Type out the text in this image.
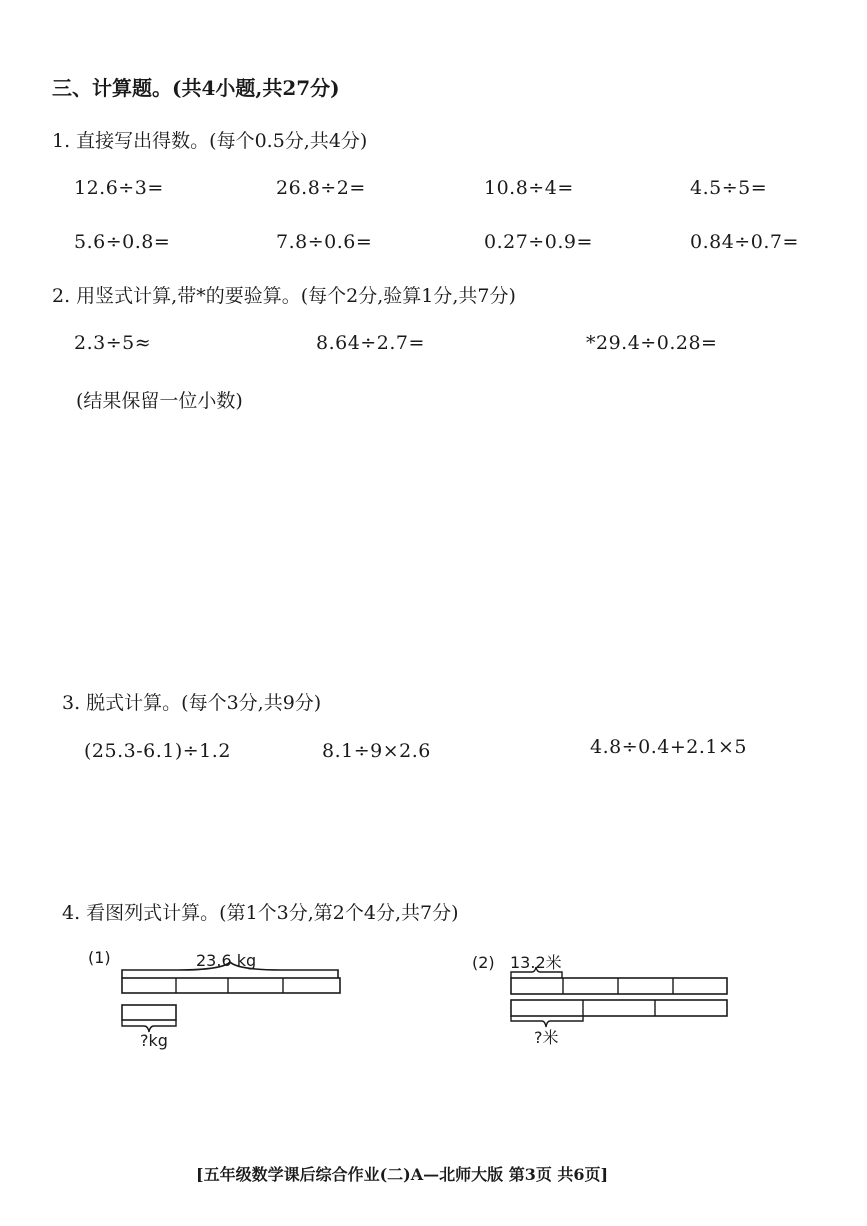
三、计算题。(共4小题,共27分)
1. 直接写出得数。(每个0.5分,共4分)
12.6÷3=	26.8÷2=	10.8÷4=	4.5÷5=
5.6÷0.8=	7.8÷0.6=	0.27÷0.9=	0.84÷0.7=
2. 用竖式计算,带*的要验算。(每个2分,验算1分,共7分)
2.3÷5≈	8.64÷2.7=	*29.4÷0.28=
(结果保留一位小数)
3. 脱式计算。(每个3分,共9分)
(25.3-6.1)÷1.2	8.1÷9×2.6	4.8÷0.4+2.1×5
4. 看图列式计算。(第1个3分,第2个4分,共7分)
(1)	23.6 kg
?kg
(2) 13.2米
?米
[五年级数学课后综合作业(二)A—北师大版 第3页 共6页]
